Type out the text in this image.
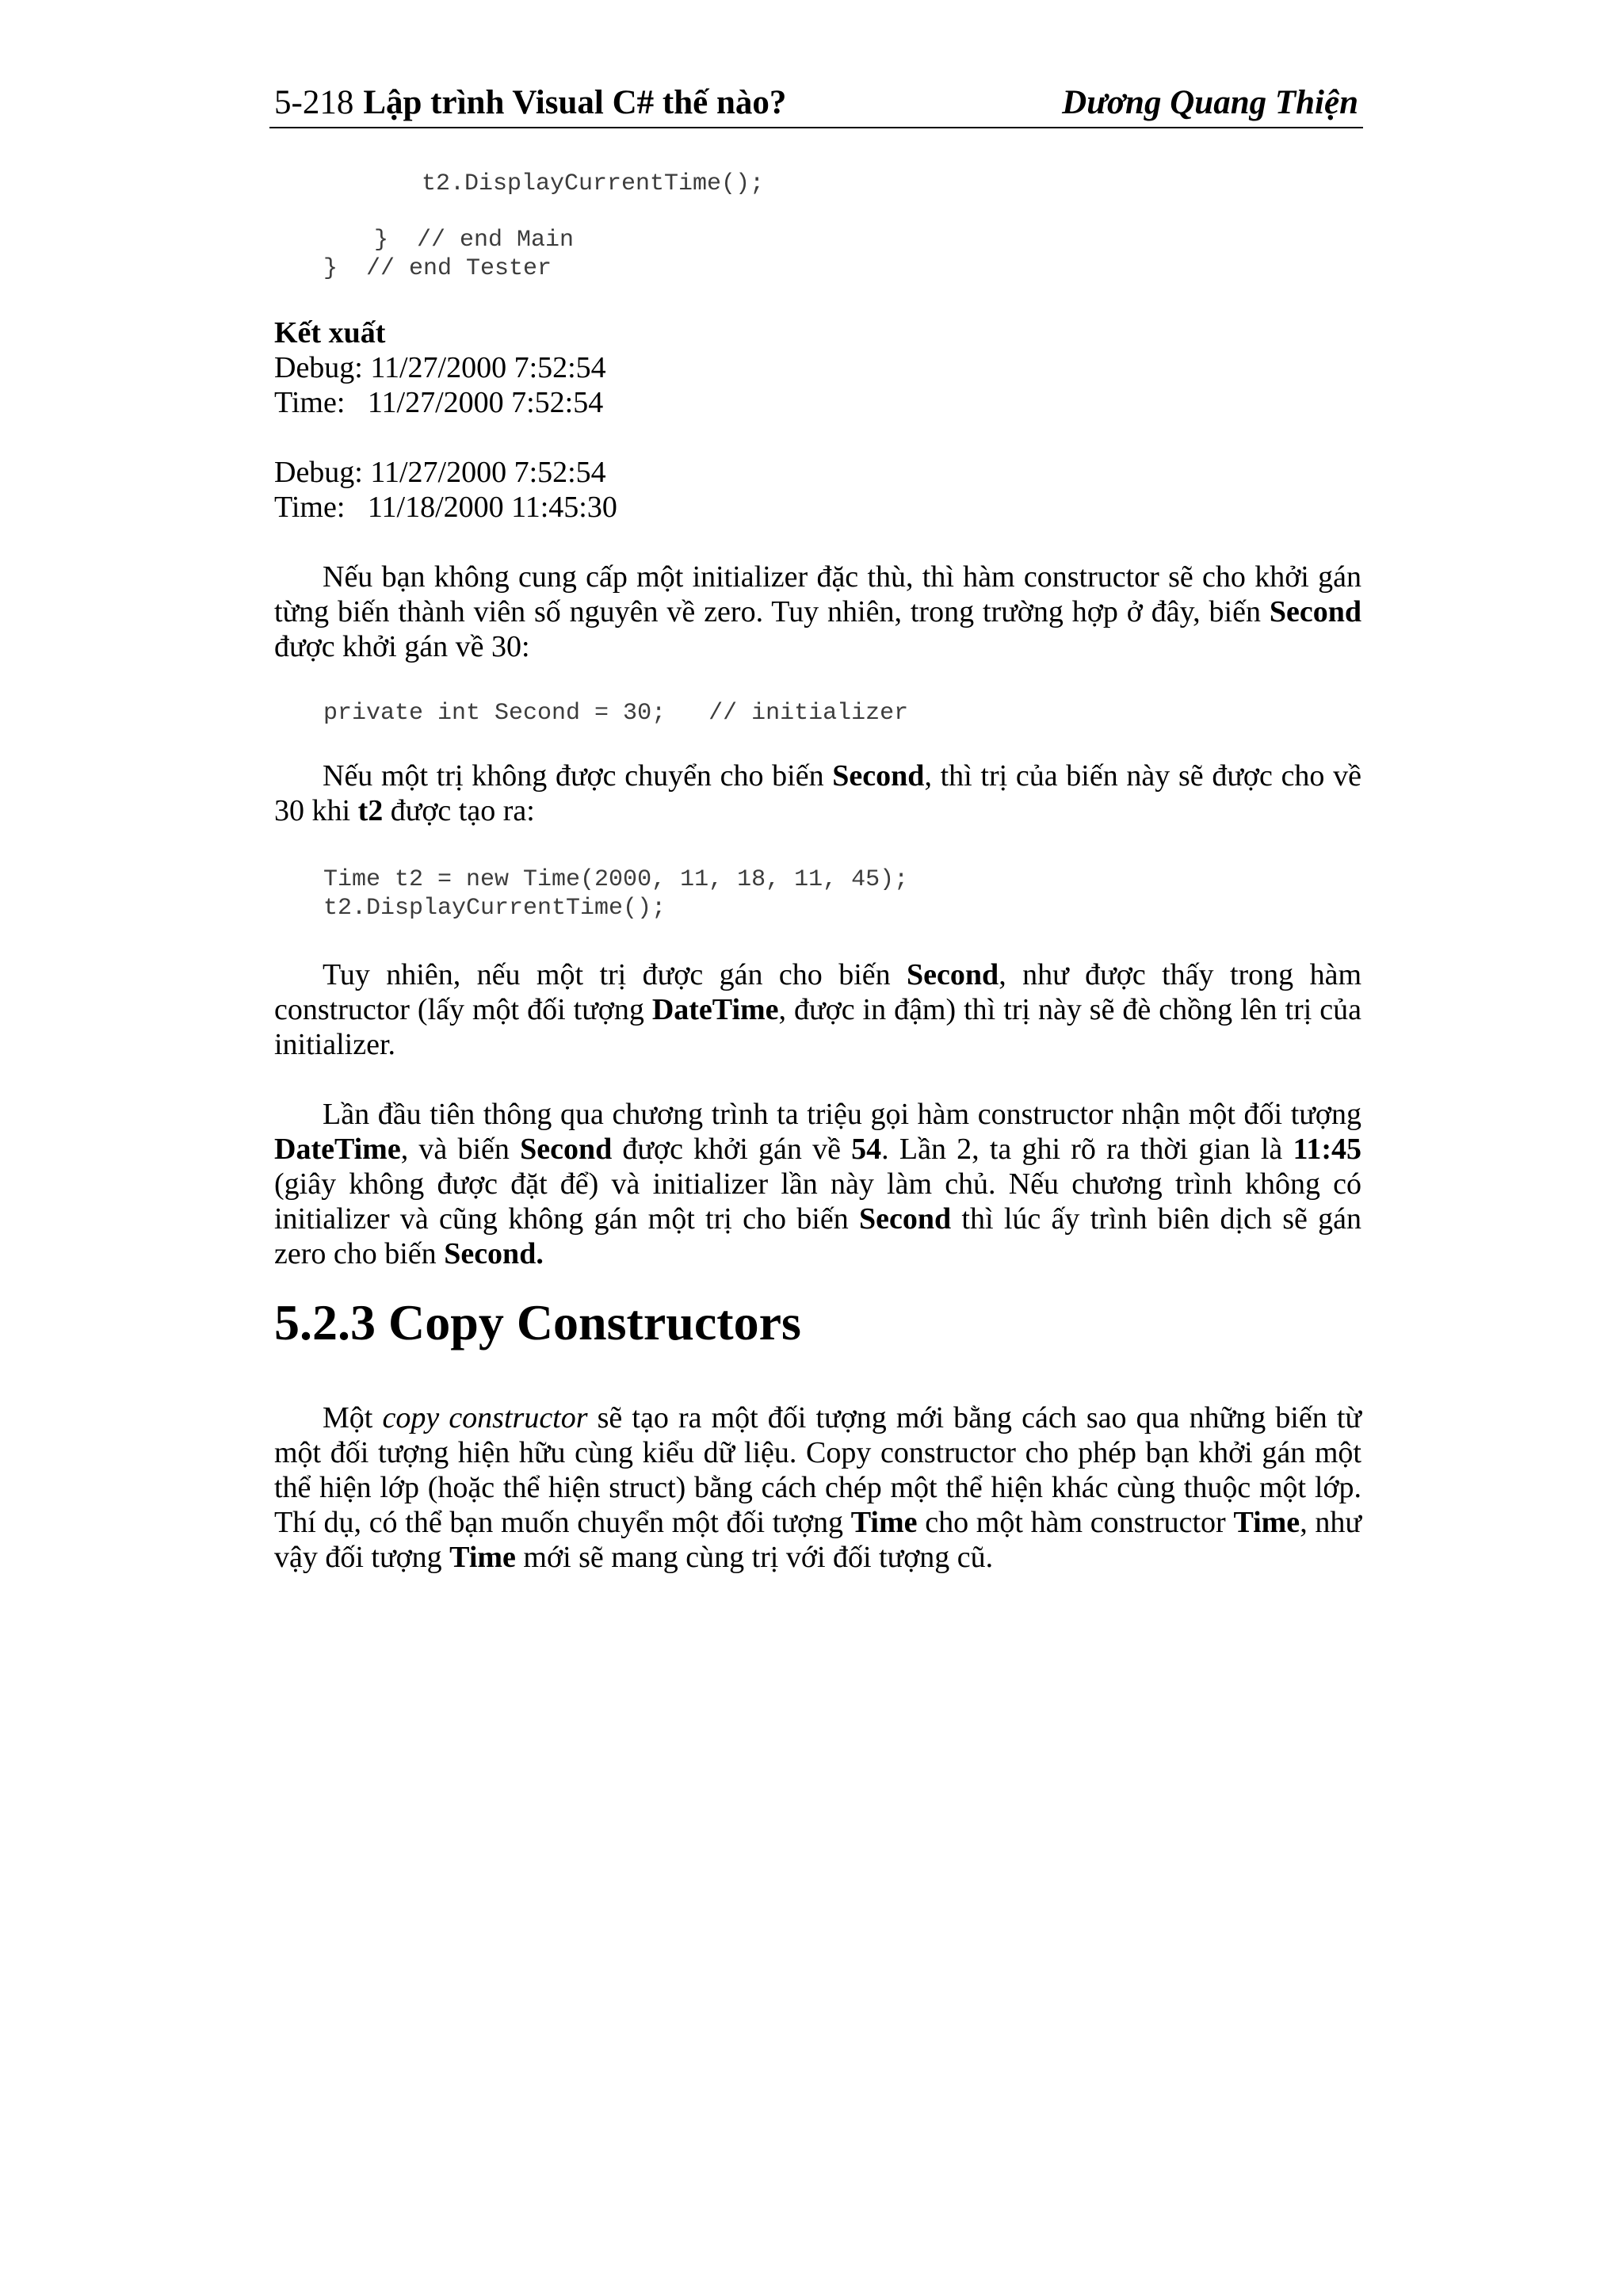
5-218 Lập trình Visual C# thế nào?	Dương Quang Thiện
t2.DisplayCurrentTime();
}  // end Main
}  // end Tester

Kết xuất

Debug: 11/27/2000 7:52:54

Time:   11/27/2000 7:52:54

Debug: 11/27/2000 7:52:54

Time:   11/18/2000 11:45:30

Nếu bạn không cung cấp một initializer đặc thù, thì hàm constructor sẽ cho khởi gán từng biến thành viên số nguyên về zero. Tuy nhiên, trong trường hợp ở đây, biến Second được khởi gán về 30:

private int Second = 30;   // initializer

Nếu một trị không được chuyển cho biến Second, thì trị của biến này sẽ được cho về 30 khi t2 được tạo ra:

Time t2 = new Time(2000, 11, 18, 11, 45);
t2.DisplayCurrentTime();

Tuy nhiên, nếu một trị được gán cho biến Second, như được thấy trong hàm constructor (lấy một đối tượng DateTime, được in đậm) thì trị này sẽ đè chồng lên trị của initializer.

Lần đầu tiên thông qua chương trình ta triệu gọi hàm constructor nhận một đối tượng DateTime, và biến Second được khởi gán về 54. Lần 2, ta ghi rõ ra thời gian là 11:45 (giây không được đặt để) và initializer lần này làm chủ. Nếu chương trình không có initializer và cũng không gán một trị cho biến Second thì lúc ấy trình biên dịch sẽ gán zero cho biến Second.

5.2.3 Copy Constructors

Một copy constructor sẽ tạo ra một đối tượng mới bằng cách sao qua những biến từ một đối tượng hiện hữu cùng kiểu dữ liệu. Copy constructor cho phép bạn khởi gán một thể hiện lớp (hoặc thể hiện struct) bằng cách chép một thể hiện khác cùng thuộc một lớp. Thí dụ, có thể bạn muốn chuyển một đối tượng Time cho một hàm constructor Time, như vậy đối tượng Time mới sẽ mang cùng trị với đối tượng cũ.
